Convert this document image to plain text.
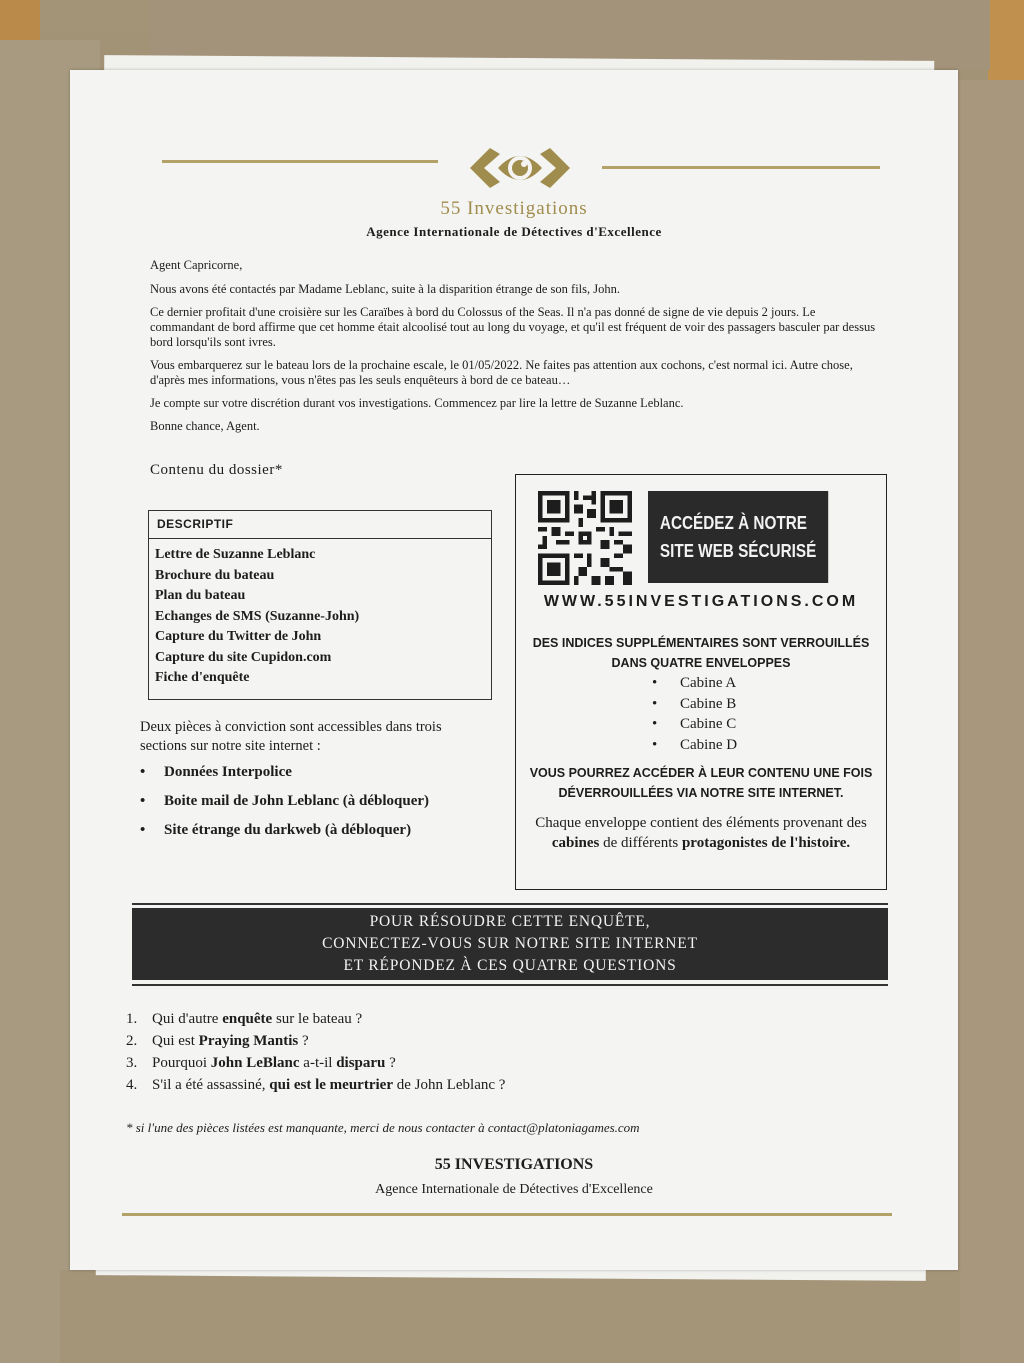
55 Investigations
Agence Internationale de Détectives d'Excellence

Agent Capricorne,

Nous avons été contactés par Madame Leblanc, suite à la disparition étrange de son fils, John.

Ce dernier profitait d'une croisière sur les Caraïbes à bord du Colossus of the Seas. Il n'a pas donné de signe de vie depuis 2 jours. Le commandant de bord affirme que cet homme était alcoolisé tout au long du voyage, et qu'il est fréquent de voir des passagers basculer par dessus bord lorsqu'ils sont ivres.

Vous embarquerez sur le bateau lors de la prochaine escale, le 01/05/2022. Ne faites pas attention aux cochons, c'est normal ici. Autre chose, d'après mes informations, vous n'êtes pas les seuls enquêteurs à bord de ce bateau…

Je compte sur votre discrétion durant vos investigations. Commencez par lire la lettre de Suzanne Leblanc.

Bonne chance, Agent.

Contenu du dossier*
DESCRIPTIF
Lettre de Suzanne Leblanc
Brochure du bateau
Plan du bateau
Echanges de SMS (Suzanne-John)
Capture du Twitter de John
Capture du site Cupidon.com
Fiche d'enquête
Deux pièces à conviction sont accessibles dans trois sections sur notre site internet :
• Données Interpolice
• Boite mail de John Leblanc (à débloquer)
• Site étrange du darkweb (à débloquer)
ACCÉDEZ À NOTRE
SITE WEB SÉCURISÉ
WWW.55INVESTIGATIONS.COM
DES INDICES SUPPLÉMENTAIRES SONT VERROUILLÉS DANS QUATRE ENVELOPPES
• Cabine A
• Cabine B
• Cabine C
• Cabine D
VOUS POURREZ ACCÉDER À LEUR CONTENU UNE FOIS DÉVERROUILLÉES VIA NOTRE SITE INTERNET.
Chaque enveloppe contient des éléments provenant des cabines de différents protagonistes de l'histoire.
POUR RÉSOUDRE CETTE ENQUÊTE,
CONNECTEZ-VOUS SUR NOTRE SITE INTERNET
ET RÉPONDEZ À CES QUATRE QUESTIONS
1. Qui d'autre enquête sur le bateau ?
2. Qui est Praying Mantis ?
3. Pourquoi John LeBlanc a-t-il disparu ?
4. S'il a été assassiné, qui est le meurtrier de John Leblanc ?
* si l'une des pièces listées est manquante, merci de nous contacter à contact@platoniagames.com
55 INVESTIGATIONS
Agence Internationale de Détectives d'Excellence
